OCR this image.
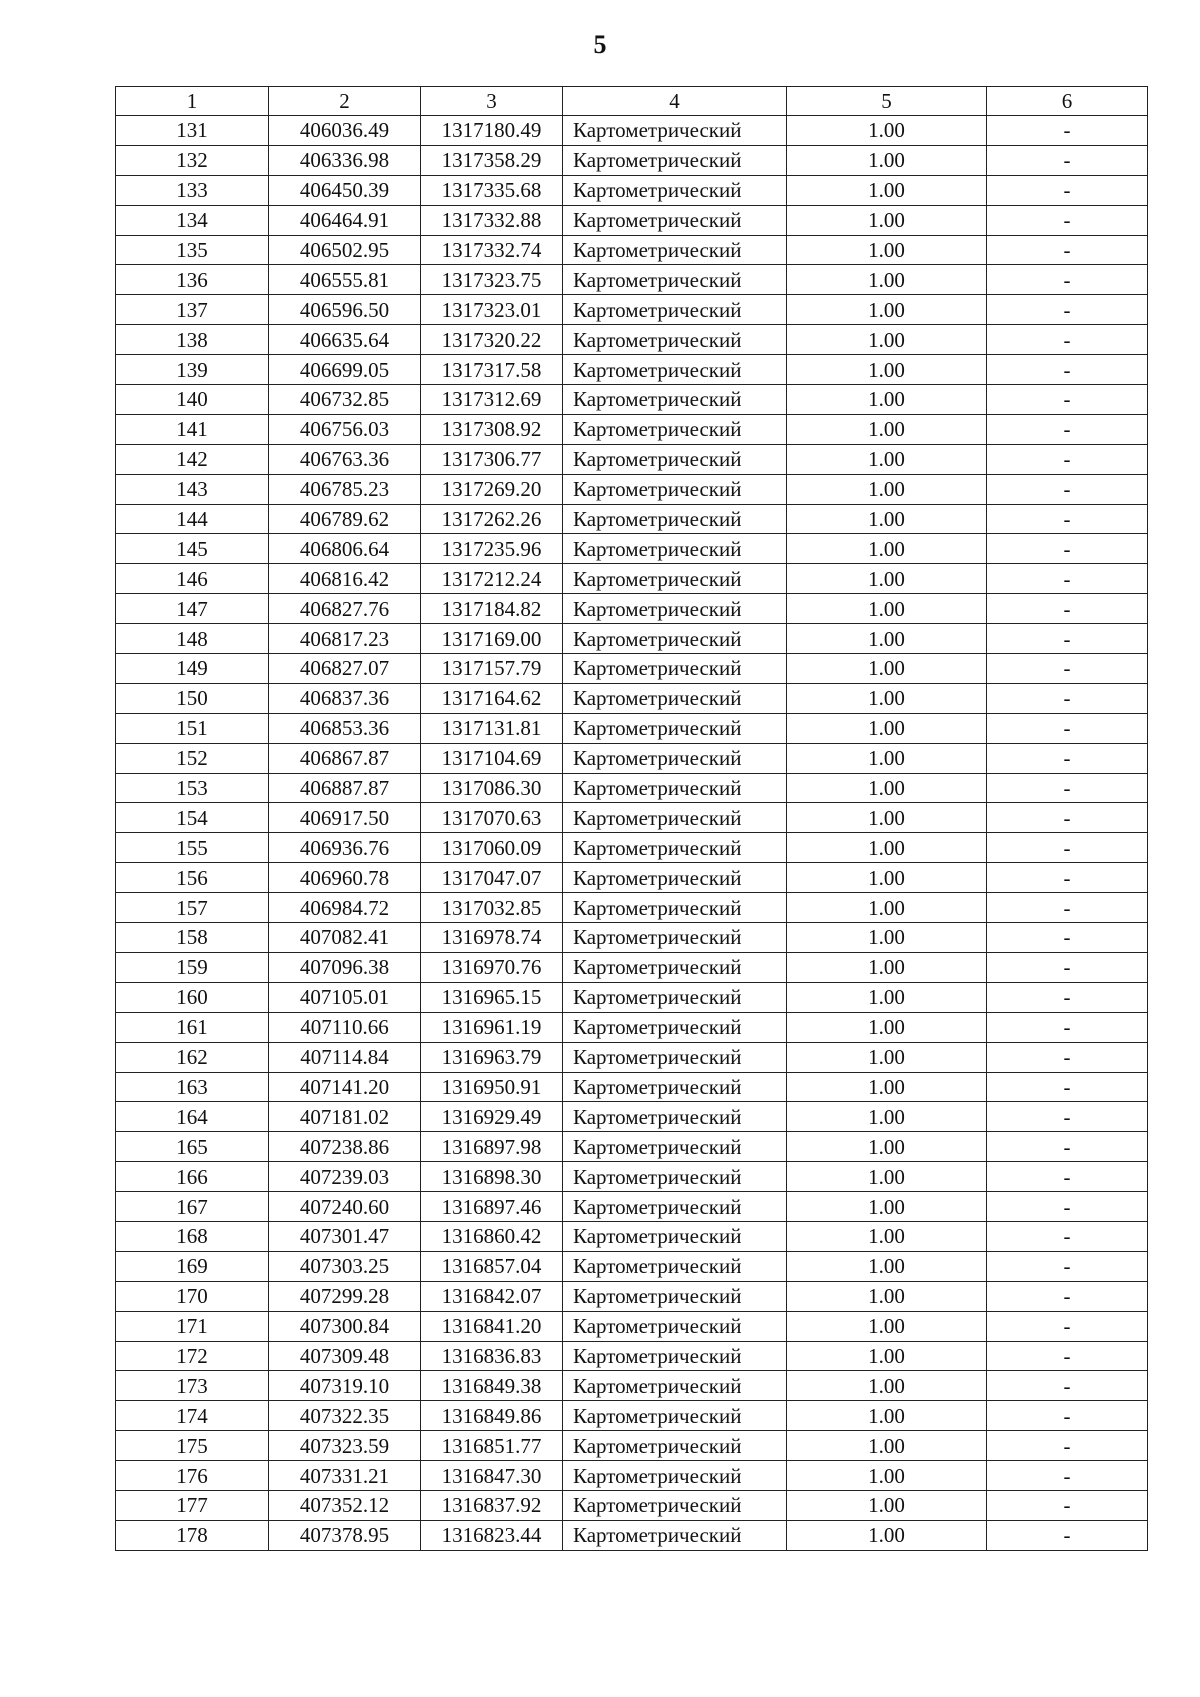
5
1	2	3	4	5	6
131	406036.49	1317180.49	Картометрический	1.00	-
132	406336.98	1317358.29	Картометрический	1.00	-
133	406450.39	1317335.68	Картометрический	1.00	-
134	406464.91	1317332.88	Картометрический	1.00	-
135	406502.95	1317332.74	Картометрический	1.00	-
136	406555.81	1317323.75	Картометрический	1.00	-
137	406596.50	1317323.01	Картометрический	1.00	-
138	406635.64	1317320.22	Картометрический	1.00	-
139	406699.05	1317317.58	Картометрический	1.00	-
140	406732.85	1317312.69	Картометрический	1.00	-
141	406756.03	1317308.92	Картометрический	1.00	-
142	406763.36	1317306.77	Картометрический	1.00	-
143	406785.23	1317269.20	Картометрический	1.00	-
144	406789.62	1317262.26	Картометрический	1.00	-
145	406806.64	1317235.96	Картометрический	1.00	-
146	406816.42	1317212.24	Картометрический	1.00	-
147	406827.76	1317184.82	Картометрический	1.00	-
148	406817.23	1317169.00	Картометрический	1.00	-
149	406827.07	1317157.79	Картометрический	1.00	-
150	406837.36	1317164.62	Картометрический	1.00	-
151	406853.36	1317131.81	Картометрический	1.00	-
152	406867.87	1317104.69	Картометрический	1.00	-
153	406887.87	1317086.30	Картометрический	1.00	-
154	406917.50	1317070.63	Картометрический	1.00	-
155	406936.76	1317060.09	Картометрический	1.00	-
156	406960.78	1317047.07	Картометрический	1.00	-
157	406984.72	1317032.85	Картометрический	1.00	-
158	407082.41	1316978.74	Картометрический	1.00	-
159	407096.38	1316970.76	Картометрический	1.00	-
160	407105.01	1316965.15	Картометрический	1.00	-
161	407110.66	1316961.19	Картометрический	1.00	-
162	407114.84	1316963.79	Картометрический	1.00	-
163	407141.20	1316950.91	Картометрический	1.00	-
164	407181.02	1316929.49	Картометрический	1.00	-
165	407238.86	1316897.98	Картометрический	1.00	-
166	407239.03	1316898.30	Картометрический	1.00	-
167	407240.60	1316897.46	Картометрический	1.00	-
168	407301.47	1316860.42	Картометрический	1.00	-
169	407303.25	1316857.04	Картометрический	1.00	-
170	407299.28	1316842.07	Картометрический	1.00	-
171	407300.84	1316841.20	Картометрический	1.00	-
172	407309.48	1316836.83	Картометрический	1.00	-
173	407319.10	1316849.38	Картометрический	1.00	-
174	407322.35	1316849.86	Картометрический	1.00	-
175	407323.59	1316851.77	Картометрический	1.00	-
176	407331.21	1316847.30	Картометрический	1.00	-
177	407352.12	1316837.92	Картометрический	1.00	-
178	407378.95	1316823.44	Картометрический	1.00	-
